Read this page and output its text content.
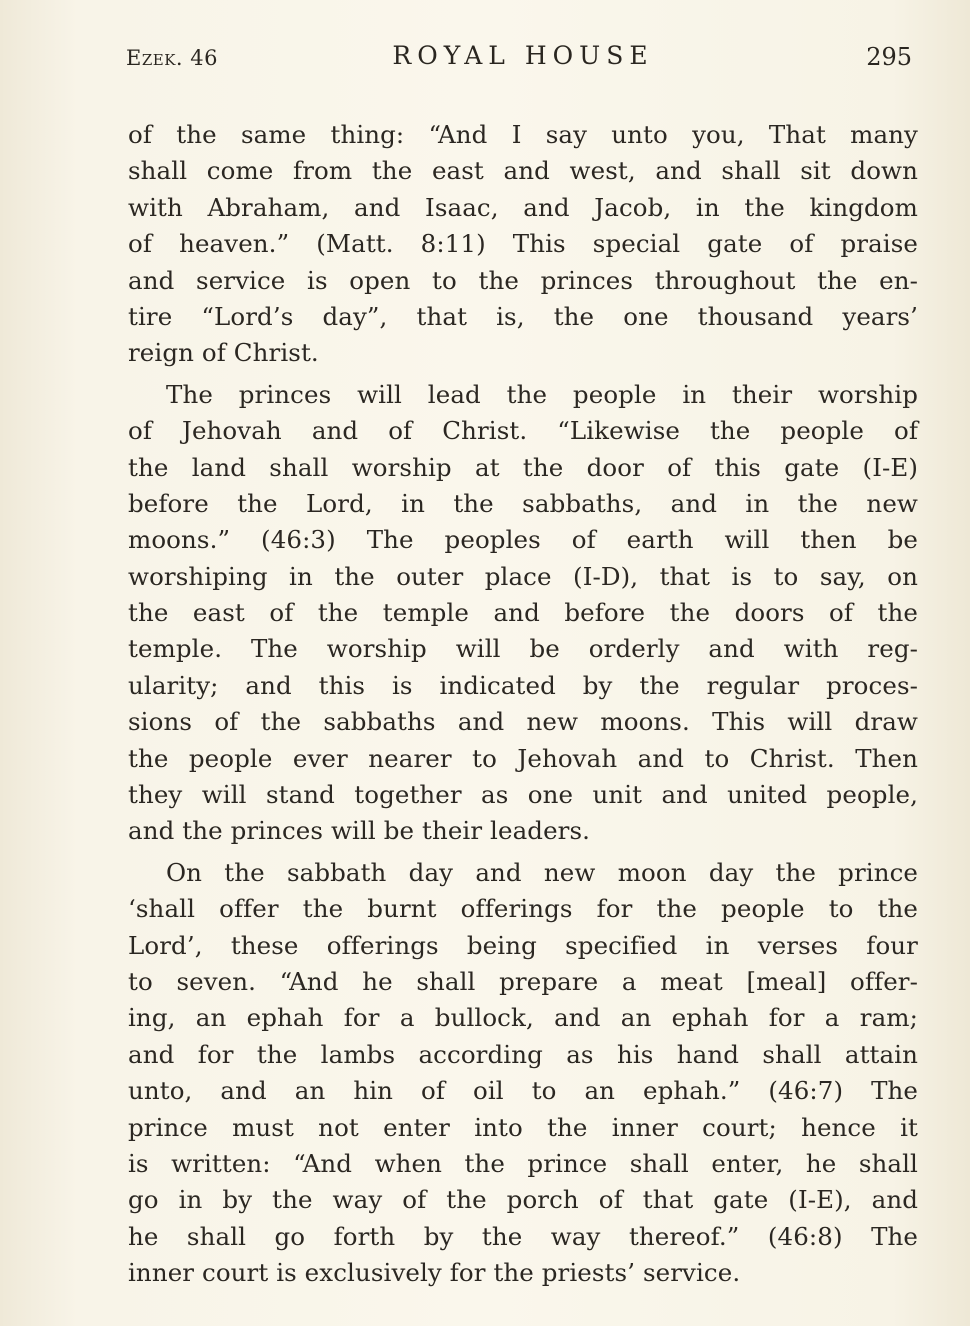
Ezek. 46	ROYAL HOUSE	295
of the same thing: “And I say unto you, That many
shall come from the east and west, and shall sit down
with Abraham, and Isaac, and Jacob, in the kingdom
of heaven.” (Matt. 8:11) This special gate of praise
and service is open to the princes throughout the en-
tire “Lord’s day”, that is, the one thousand years’
reign of Christ.
The princes will lead the people in their worship
of Jehovah and of Christ. “Likewise the people of
the land shall worship at the door of this gate (I-E)
before the Lord, in the sabbaths, and in the new
moons.” (46:3) The peoples of earth will then be
worshiping in the outer place (I-D), that is to say, on
the east of the temple and before the doors of the
temple. The worship will be orderly and with reg-
ularity; and this is indicated by the regular proces-
sions of the sabbaths and new moons. This will draw
the people ever nearer to Jehovah and to Christ. Then
they will stand together as one unit and united people,
and the princes will be their leaders.
On the sabbath day and new moon day the prince
‘shall offer the burnt offerings for the people to the
Lord’, these offerings being specified in verses four
to seven. “And he shall prepare a meat [meal] offer-
ing, an ephah for a bullock, and an ephah for a ram;
and for the lambs according as his hand shall attain
unto, and an hin of oil to an ephah.” (46:7) The
prince must not enter into the inner court; hence it
is written: “And when the prince shall enter, he shall
go in by the way of the porch of that gate (I-E), and
he shall go forth by the way thereof.” (46:8) The
inner court is exclusively for the priests’ service.
